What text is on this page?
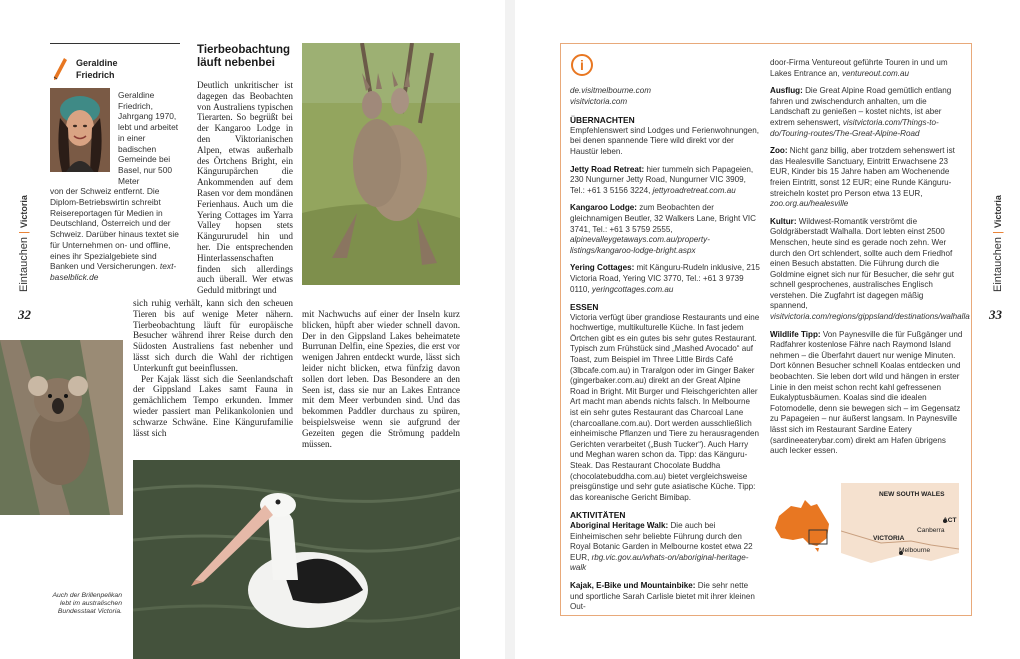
Geraldine
Friedrich
Geraldine Friedrich, Jahrgang 1970, lebt und arbeitet in einer badischen Gemeinde bei Basel, nur 500 Meter
von der Schweiz entfernt. Die Diplom-Betriebswirtin schreibt Reisereportagen für Medien in Deutschland, Österreich und der Schweiz. Darüber hinaus textet sie für Unternehmen on- und offline, eines ihr Spezialgebiete sind Banken und Versicherungen. text-baselblick.de
Tierbeobachtung
läuft nebenbei

Deutlich unkritischer ist dagegen das Beobachten von Australiens typischen Tierarten. So begrüßt bei der Kangaroo Lodge in den Viktorianischen Alpen, etwas außerhalb des Örtchens Bright, ein Kängurupärchen die Ankommenden auf dem Rasen vor dem mondänen Ferienhaus. Auch um die Yering Cottages im Yarra Valley hopsen stets Kängururudel hin und her. Die entsprechenden Hinterlassenschaften finden sich allerdings auch überall. Wer etwas Geduld mitbringt und

sich ruhig verhält, kann sich den scheuen Tieren bis auf wenige Meter nähern. Tierbeobachtung läuft für europäische Besucher während ihrer Reise durch den Südosten Australiens fast nebenher und lässt sich durch die Wahl der richtigen Unterkunft gut beeinflussen.

Per Kajak lässt sich die Seenlandschaft der Gippsland Lakes samt Fauna in gemächlichem Tempo erkunden. Immer wieder passiert man Pelikankolonien und schwarze Schwäne. Eine Kängurufamilie lässt sich

mit Nachwuchs auf einer der Inseln kurz blicken, hüpft aber wieder schnell davon. Der in den Gippsland Lakes beheimatete Burrunan Delfin, eine Spezies, die erst vor wenigen Jahren entdeckt wurde, lässt sich leider nicht blicken, etwa fünfzig davon sollen dort leben. Das Besondere an den Seen ist, dass sie nur an Lakes Entrance mit dem Meer verbunden sind. Und das bekommen Paddler durchaus zu spüren, beispielsweise wenn sie aufgrund der Gezeiten gegen die Strömung paddeln müssen.

Auch der Brillenpelikan lebt im australischen Bundesstaat Victoria.
Eintauchen | Victoria
32
i
de.visitmelbourne.com
visitvictoria.com
ÜBERNACHTEN
Empfehlenswert sind Lodges und Ferienwohnungen, bei denen spannende Tiere wild direkt vor der Haustür leben.
Jetty Road Retreat: hier tummeln sich Papageien, 230 Nungurner Jetty Road, Nungurner VIC 3909, Tel.: +61 3 5156 3224, jettyroadretreat.com.au
Kangaroo Lodge: zum Beobachten der gleichnamigen Beutler, 32 Walkers Lane, Bright VIC 3741, Tel.: +61 3 5759 2555, alpinevalleygetaways.com.au/property-listings/kangaroo-lodge-bright.aspx
Yering Cottages: mit Känguru-Rudeln inklusive, 215 Victoria Road, Yering VIC 3770, Tel.: +61 3 9739 0110, yeringcottages.com.au
ESSEN
Victoria verfügt über grandiose Restaurants und eine hochwertige, multikulturelle Küche. In fast jedem Örtchen gibt es ein gutes bis sehr gutes Restaurant. Typisch zum Frühstück sind „Mashed Avocado“ auf Toast, zum Beispiel im Three Little Birds Café (3lbcafe.com.au) in Traralgon oder im Ginger Baker (gingerbaker.com.au) direkt an der Great Alpine Road in Bright. Mit Burger und Fleischgerichten aller Art macht man abends nichts falsch. In Melbourne ist ein sehr gutes Restaurant das Charcoal Lane (charcoallane.com.au). Dort werden ausschließlich einheimische Pflanzen und Tiere zu herausragenden Gerichten verarbeitet („Bush Tucker“). Auch Harry und Meghan waren schon da. Tipp: das Känguru-Steak. Das Restaurant Chocolate Buddha (chocolatebuddha.com.au) bietet vergleichsweise preisgünstige und sehr gute asiatische Küche. Tipp: das koreanische Gericht Bimibap.
AKTIVITÄTEN
Aboriginal Heritage Walk: Die auch bei Einheimischen sehr beliebte Führung durch den Royal Botanic Garden in Melbourne kostet etwa 22 EUR, rbg.vic.gov.au/whats-on/aboriginal-heritage-walk
Kajak, E-Bike und Mountainbike: Die sehr nette und sportliche Sarah Carlisle bietet mit ihrer kleinen Out-
door-Firma Ventureout geführte Touren in und um Lakes Entrance an, ventureout.com.au
Ausflug: Die Great Alpine Road gemütlich entlang fahren und zwischendurch anhalten, um die Landschaft zu genießen – kostet nichts, ist aber extrem sehenswert, visitvictoria.com/Things-to-do/Touring-routes/The-Great-Alpine-Road
Zoo: Nicht ganz billig, aber trotzdem sehenswert ist das Healesville Sanctuary, Eintritt Erwachsene 23 EUR, Kinder bis 15 Jahre haben am Wochenende freien Eintritt, sonst 12 EUR; eine Runde Känguru-streicheln kostet pro Person etwa 13 EUR, zoo.org.au/healesville
Kultur: Wildwest-Romantik verströmt die Goldgräberstadt Walhalla. Dort lebten einst 2500 Menschen, heute sind es gerade noch zehn. Wer durch den Ort schlendert, sollte auch dem Friedhof einen Besuch abstatten. Die Führung durch die Goldmine eignet sich nur für Besucher, die sehr gut schnell gesprochenes, australisches Englisch verstehen. Die Zugfahrt ist dagegen mäßig spannend, visitvictoria.com/regions/gippsland/destinations/walhalla
Wildlife Tipp: Von Paynesville die für Fußgänger und Radfahrer kostenlose Fähre nach Raymond Island nehmen – die Überfahrt dauert nur wenige Minuten. Dort können Besucher schnell Koalas entdecken und beobachten. Sie leben dort wild und hängen in erster Linie in den meist schon recht kahl gefressenen Eukalyptusbäumen. Koalas sind die idealen Fotomodelle, denn sie bewegen sich – im Gegensatz zu Papageien – nur äußerst langsam. In Paynesville lässt sich im Restaurant Sardine Eatery (sardineeaterybar.com) direkt am Hafen übrigens auch lecker essen.
NEW SOUTH WALES
ACT
Canberra
VICTORIA
Melbourne
Eintauchen | Victoria
33
